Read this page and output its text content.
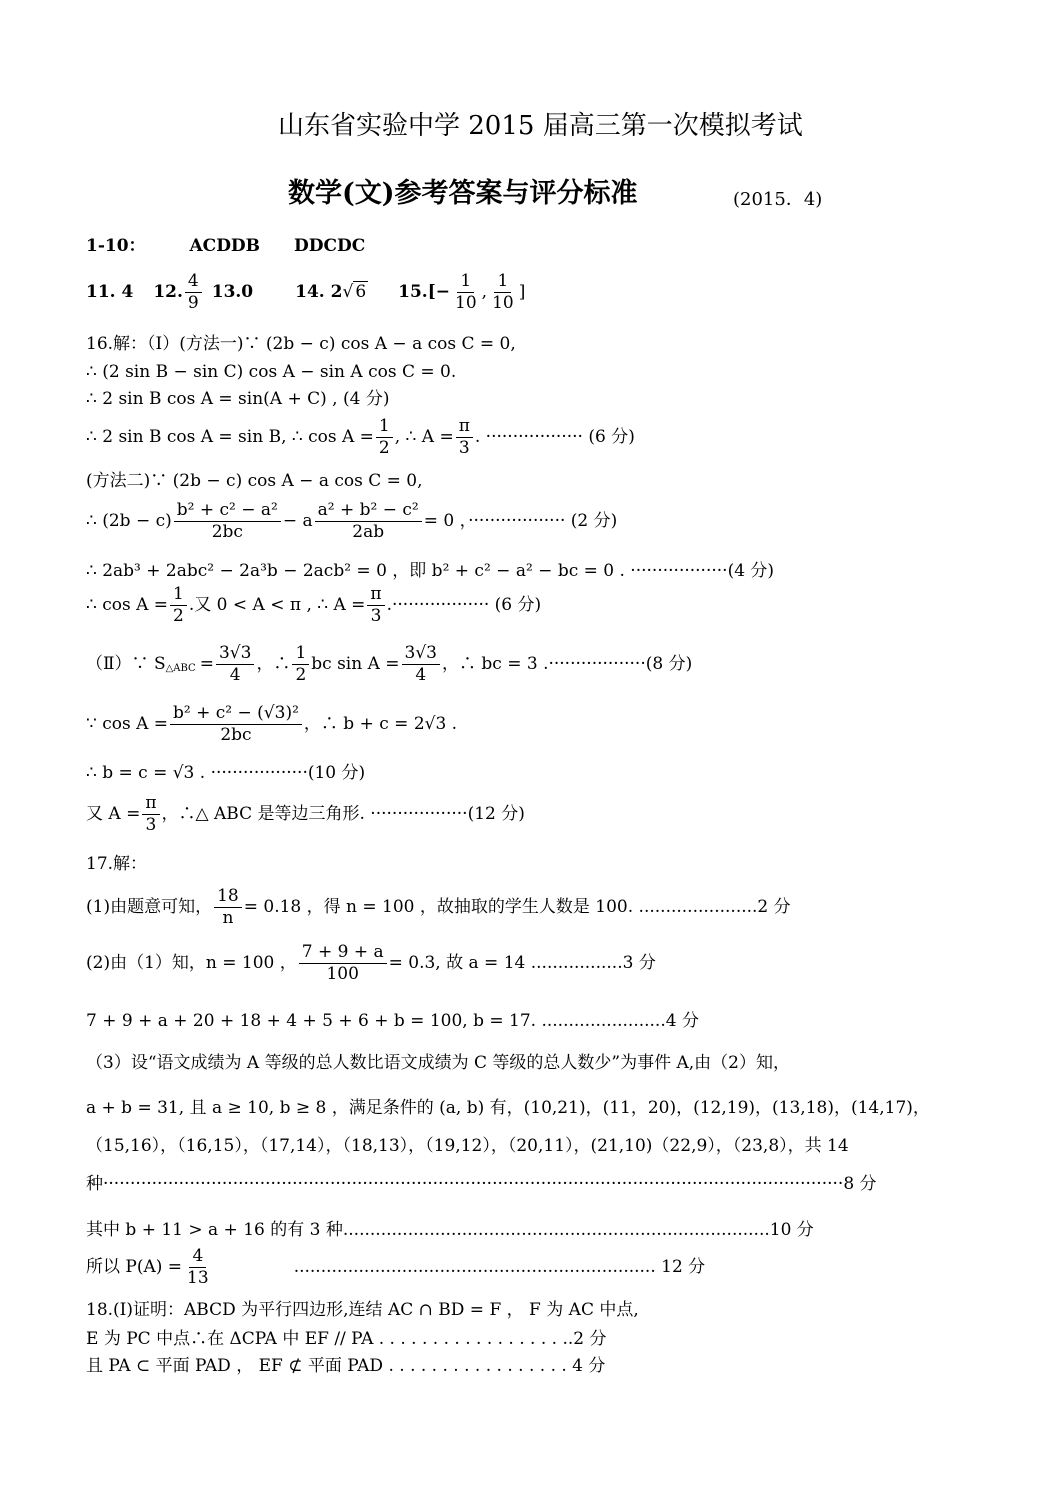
山东省实验中学 2015 届高三第一次模拟考试
数学(文)参考答案与评分标准	(2015．4)
1-10：	ACDDB DDCDC
11. 4 12. $\frac{4}{9} 13.0$ 14. 2 √ 6 $15.[- \frac{1}{10}$ , $\frac{1}{10}$ ]
16.解：（Ⅰ）(方法一)∵ (2b − c) cos A − a cos C = 0,
∴ (2 sin B − sin C) cos A − sin A cos C = 0.
∴ 2 sin B cos A = sin(A + C) , (4 分)
∴ 2 sin B cos A = sin B, ∴ $\cos A = \frac{1}{2}$ , ∴ $A = \frac{\pi}{3}$ . ·················· (6 分)
(方法二)∵ (2b − c) cos A − a cos C = 0,
∴ $(2b - c) \frac{\text{b² + c² − a²}}{2bc} - a \frac{\text{a² + b² − c²}}{2ab} = 0$ ，·················· (2 分)
∴ 2ab³ + 2abc² − 2a³b − 2acb² = 0 ，即 b² + c² − a² − bc = 0 . ··················(4 分)
∴ $\cos A = \frac{1}{2}$ .又 0 < A < π , ∴ $A = \frac{\pi}{3}$ .·················· (6 分)
（Ⅱ）∵ $S_{\triangle ABC} = \frac{3√3}{4}$ ，∴ $\frac{1}{2}$ bc $\sin A = \frac{3√3}{4}$ ，∴ bc = 3 .··················(8 分)
∵ $\cos A = \frac{\text{b² + c² − (√3)²}}{2bc}$ ，∴ b + c = 2√3 .
∴ b = c = √3 . ··················(10 分)
又 $A = \frac{\pi}{3}$ ，∴△ ABC 是等边三角形. ··················(12 分)
17.解：
(1)由题意可知， $\frac{18}{n} = 0.18$ ，得 n = 100 ，故抽取的学生人数是 100. ......................2 分
(2)由（1）知，n = 100 ， $\frac{7 + 9 + a}{100} = 0.3$, 故 a = 14 .................3 分
7 + 9 + a + 20 + 18 + 4 + 5 + 6 + b = 100, b = 17. .......................4 分
（3）设“语文成绩为 A 等级的总人数比语文成绩为 C 等级的总人数少”为事件 A,由（2）知，
a + b = 31, 且 a ≥ 10, b ≥ 8 ，满足条件的 (a, b) 有，(10,21)，(11，20)，(12,19)，(13,18)，(14,17)，
（15,16），（16,15），（17,14），（18,13），（19,12），（20,11），(21,10)（22,9），（23,8），共 14
种·········································································································································8 分
其中 b + 11 > a + 16 的有 3 种...............................................................................10 分
所以 $P(A) = \frac{4}{13}$	................................................................... 12 分
18.(Ⅰ)证明：ABCD 为平行四边形,连结 AC ∩ BD = F ， F 为 AC 中点,
E 为 PC 中点∴在 ΔCPA 中 EF // PA . . . . . . . . . . . . . . . . . ..2 分
且 PA ⊂ 平面 PAD ， EF ⊄ 平面 PAD . . . . . . . . . . . . . . . . . 4 分
